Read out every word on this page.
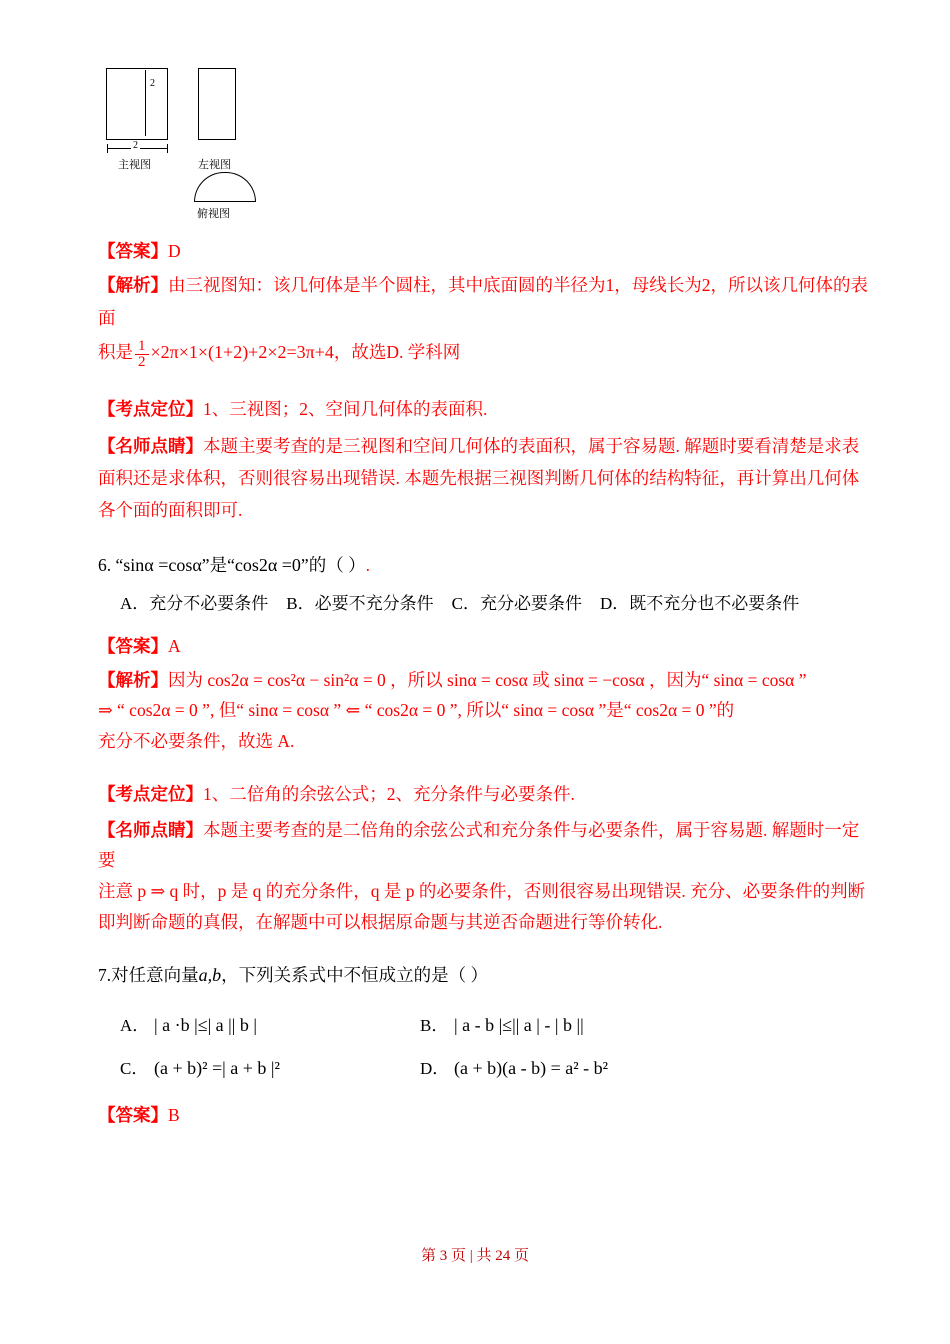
2
2
主视图	左视图
俯视图
【答案】D
【解析】由三视图知：该几何体是半个圆柱，其中底面圆的半径为1，母线长为2，所以该几何体的表面
积是 $\frac{1}{2} \times 2\pi\times 1\times(1+2)+2\times 2=3\pi+4$，故选D. 学科网
【考点定位】1、三视图；2、空间几何体的表面积.
【名师点睛】本题主要考查的是三视图和空间几何体的表面积，属于容易题. 解题时要看清楚是求表面积还是求体积，否则很容易出现错误. 本题先根据三视图判断几何体的结构特征，再计算出几何体各个面的面积即可.
6. “sinα =cosα”是“cos2α =0”的（ ）.
A．充分不必要条件 B．必要不充分条件 C．充分必要条件 D．既不充分也不必要条件
【答案】A
【解析】因为 cos2α = cos²α − sin²α = 0 ，所以 sinα = cosα 或 sinα = −cosα ，因为“ sinα = cosα ”
⇒ “ cos2α = 0 ”, 但“ sinα = cosα ” ⇐ “ cos2α = 0 ”, 所以“ sinα = cosα ”是“ cos2α = 0 ”的
充分不必要条件，故选 A.
【考点定位】1、二倍角的余弦公式；2、充分条件与必要条件.
【名师点睛】本题主要考查的是二倍角的余弦公式和充分条件与必要条件，属于容易题. 解题时一定要
注意 p ⇒ q 时，p 是 q 的充分条件，q 是 p 的必要条件，否则很容易出现错误. 充分、必要条件的判断
即判断命题的真假，在解题中可以根据原命题与其逆否命题进行等价转化.
7.对任意向量a,b，下列关系式中不恒成立的是（ ）
A． | a ·b |≤| a || b |	B． | a - b |≤|| a | - | b ||
C． (a + b)² =| a + b |²	D． (a + b)(a - b) = a² - b²
【答案】B
第 3 页 | 共 24 页
